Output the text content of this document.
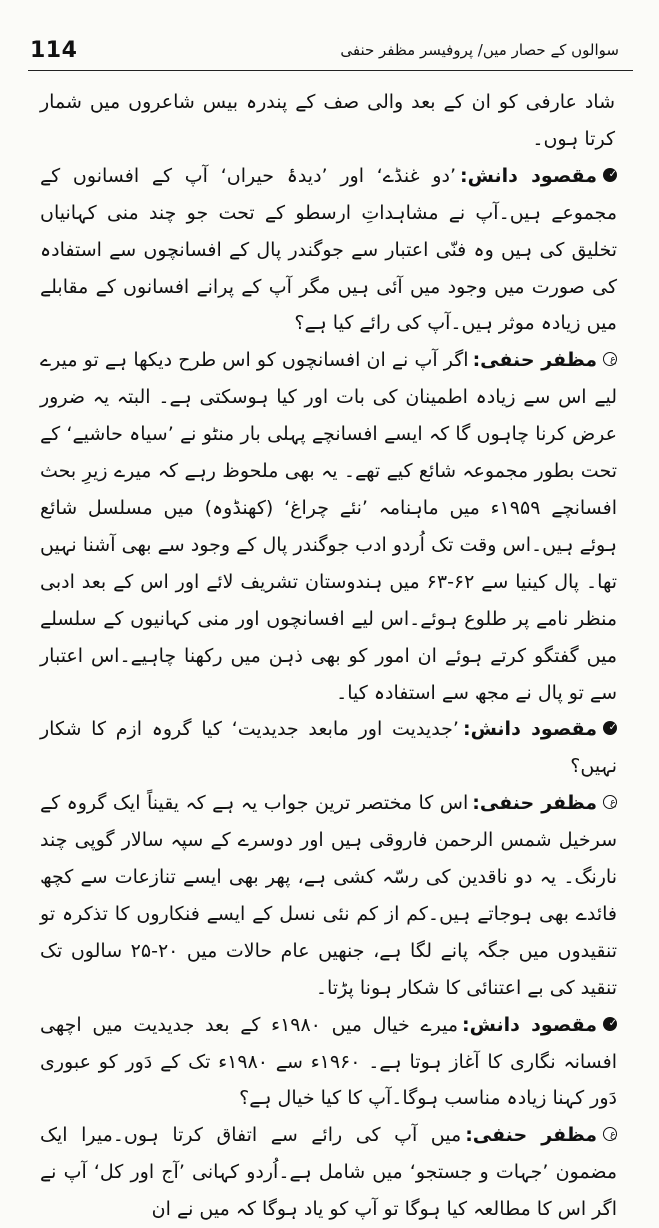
114	سوالوں کے حصار میں/ پروفیسر مظفر حنفی

شاد عارفی کو ان کے بعد والی صف کے پندرہ بیس شاعروں میں شمار کرتا ہوں۔

✓مقصود دانش:’دو غنڈے‘ اور ’دیدۂ حیراں‘ آپ کے افسانوں کے مجموعے ہیں۔آپ نے مشاہداتِ ارسطو کے تحت جو چند منی کہانیاں تخلیق کی ہیں وہ فنّی اعتبار سے جوگندر پال کے افسانچوں سے استفادہ کی صورت میں وجود میں آئی ہیں مگر آپ کے پرانے افسانوں کے مقابلے میں زیادہ موثر ہیں۔آپ کی رائے کیا ہے؟

عمظفر حنفی:اگر آپ نے ان افسانچوں کو اس طرح دیکھا ہے تو میرے لیے اس سے زیادہ اطمینان کی بات اور کیا ہوسکتی ہے۔ البتہ یہ ضرور عرض کرنا چاہوں گا کہ ایسے افسانچے پہلی بار منٹو نے ’سیاہ حاشیے‘ کے تحت بطور مجموعہ شائع کیے تھے۔ یہ بھی ملحوظ رہے کہ میرے زیرِ بحث افسانچے ۱۹۵۹ء میں ماہنامہ ’نئے چراغ‘ (کھنڈوہ) میں مسلسل شائع ہوئے ہیں۔اس وقت تک اُردو ادب جوگندر پال کے وجود سے بھی آشنا نہیں تھا۔ پال کینیا سے ۶۲-۶۳ میں ہندوستان تشریف لائے اور اس کے بعد ادبی منظر نامے پر طلوع ہوئے۔اس لیے افسانچوں اور منی کہانیوں کے سلسلے میں گفتگو کرتے ہوئے ان امور کو بھی ذہن میں رکھنا چاہیے۔اس اعتبار سے تو پال نے مجھ سے استفادہ کیا۔

✓مقصود دانش:’جدیدیت اور مابعد جدیدیت‘ کیا گروہ ازم کا شکار نہیں؟

عمظفر حنفی:اس کا مختصر ترین جواب یہ ہے کہ یقیناً ایک گروہ کے سرخیل شمس الرحمن فاروقی ہیں اور دوسرے کے سپہ سالار گوپی چند نارنگ۔ یہ دو ناقدین کی رسّہ کشی ہے، پھر بھی ایسے تنازعات سے کچھ فائدے بھی ہوجاتے ہیں۔کم از کم نئی نسل کے ایسے فنکاروں کا تذکرہ تو تنقیدوں میں جگہ پانے لگا ہے، جنھیں عام حالات میں ۲۰-۲۵ سالوں تک تنقید کی بے اعتنائی کا شکار ہونا پڑتا۔

✓مقصود دانش:میرے خیال میں ۱۹۸۰ء کے بعد جدیدیت میں اچھی افسانہ نگاری کا آغاز ہوتا ہے۔ ۱۹۶۰ء سے ۱۹۸۰ء تک کے دَور کو عبوری دَور کہنا زیادہ مناسب ہوگا۔آپ کا کیا خیال ہے؟

عمظفر حنفی:میں آپ کی رائے سے اتفاق کرتا ہوں۔میرا ایک مضمون ’جہات و جستجو‘ میں شامل ہے۔اُردو کہانی ’آج اور کل‘ آپ نے اگر اس کا مطالعہ کیا ہوگا تو آپ کو یاد ہوگا کہ میں نے ان
